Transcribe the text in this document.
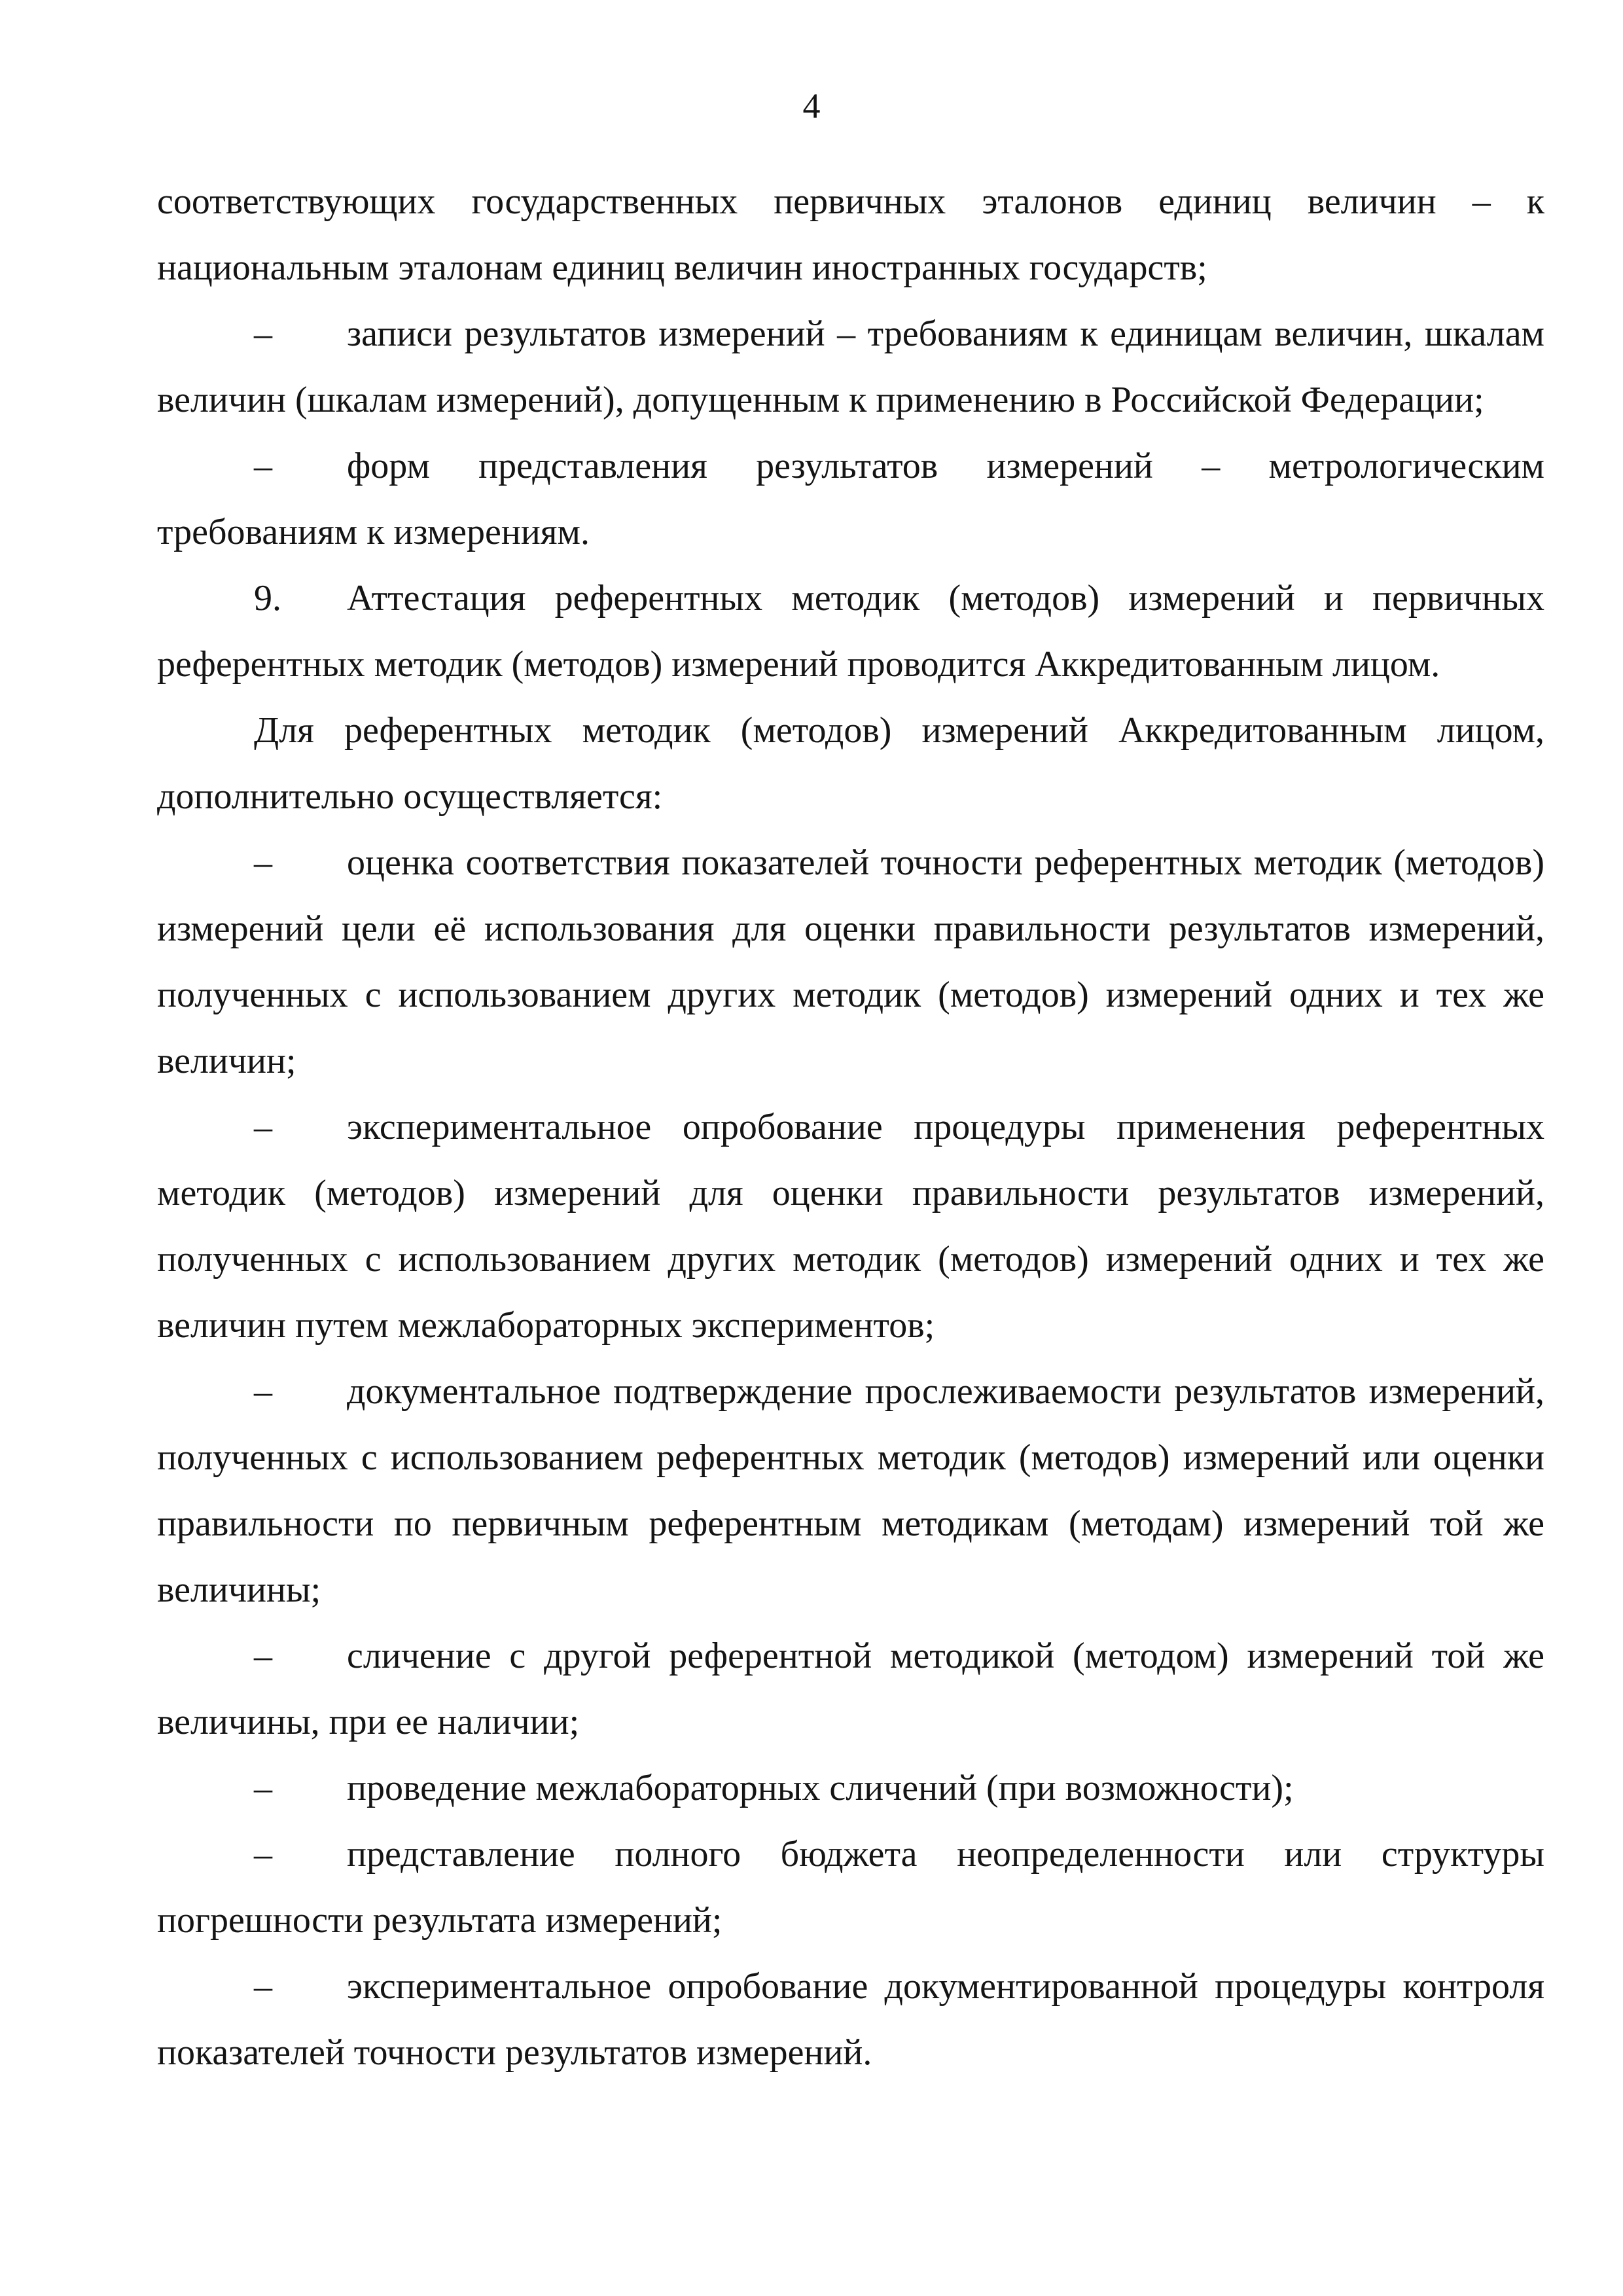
4

соответствующих государственных первичных эталонов единиц величин – к национальным эталонам единиц величин иностранных государств;

– записи результатов измерений – требованиям к единицам величин, шкалам величин (шкалам измерений), допущенным к применению в Российской Федерации;

– форм представления результатов измерений – метрологическим требованиям к измерениям.

9. Аттестация референтных методик (методов) измерений и первичных референтных методик (методов) измерений проводится Аккредитованным лицом.

Для референтных методик (методов) измерений Аккредитованным лицом, дополнительно осуществляется:

– оценка соответствия показателей точности референтных методик (методов) измерений цели её использования для оценки правильности результатов измерений, полученных с использованием других методик (методов) измерений одних и тех же величин;

– экспериментальное опробование процедуры применения референтных методик (методов) измерений для оценки правильности результатов измерений, полученных с использованием других методик (методов) измерений одних и тех же величин путем межлабораторных экспериментов;

– документальное подтверждение прослеживаемости результатов измерений, полученных с использованием референтных методик (методов) измерений или оценки правильности по первичным референтным методикам (методам) измерений той же величины;

– сличение с другой референтной методикой (методом) измерений той же величины, при ее наличии;

– проведение межлабораторных сличений (при возможности);

– представление полного бюджета неопределенности или структуры погрешности результата измерений;

– экспериментальное опробование документированной процедуры контроля показателей точности результатов измерений.
